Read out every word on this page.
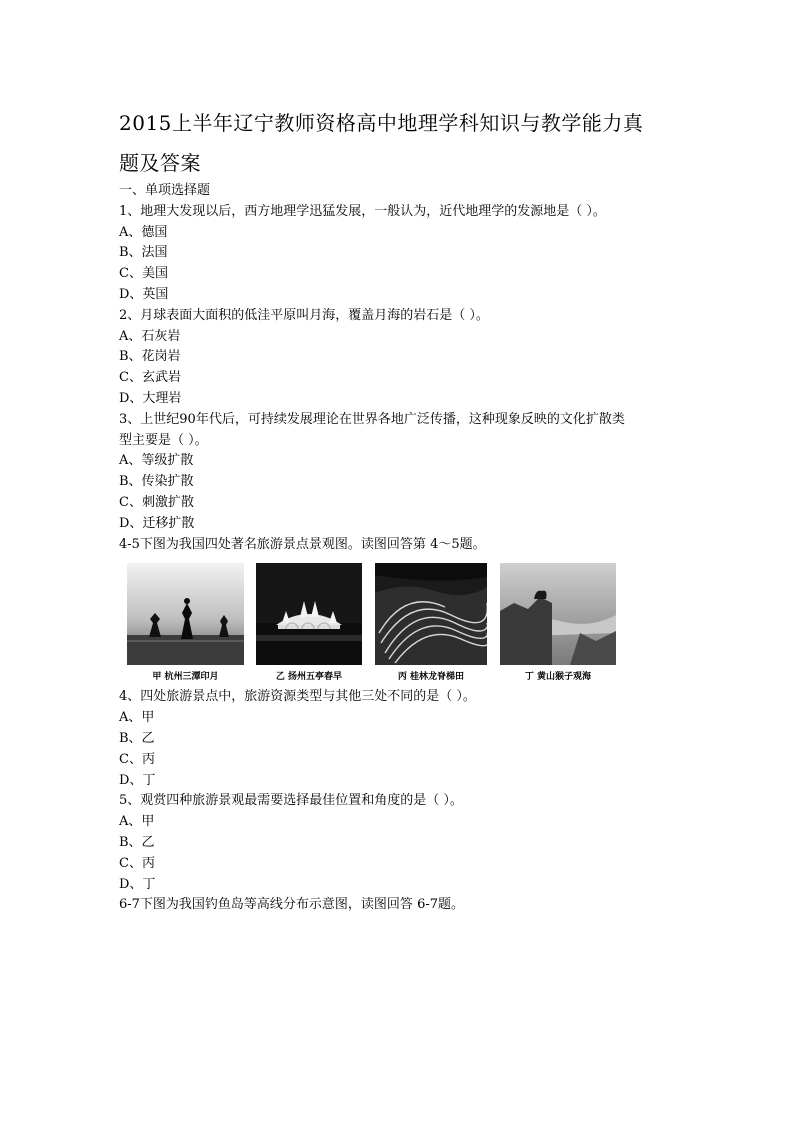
2015上半年辽宁教师资格高中地理学科知识与教学能力真
题及答案
一、单项选择题
1、地理大发现以后，西方地理学迅猛发展，一般认为，近代地理学的发源地是（ ）。
A、德国
B、法国
C、美国
D、英国
2、月球表面大面积的低洼平原叫月海，覆盖月海的岩石是（ ）。
A、石灰岩
B、花岗岩
C、玄武岩
D、大理岩
3、上世纪90年代后，可持续发展理论在世界各地广泛传播，这种现象反映的文化扩散类
型主要是（ ）。
A、等级扩散
B、传染扩散
C、刺激扩散
D、迁移扩散
4-5下图为我国四处著名旅游景点景观图。读图回答第 4～5题。
甲 杭州三潭印月	乙 扬州五亭春早	丙 桂林龙脊梯田	丁 黄山猴子观海
4、四处旅游景点中，旅游资源类型与其他三处不同的是（ ）。
A、甲
B、乙
C、丙
D、丁
5、观赏四种旅游景观最需要选择最佳位置和角度的是（ ）。
A、甲
B、乙
C、丙
D、丁
6-7下图为我国钓鱼岛等高线分布示意图，读图回答 6-7题。
